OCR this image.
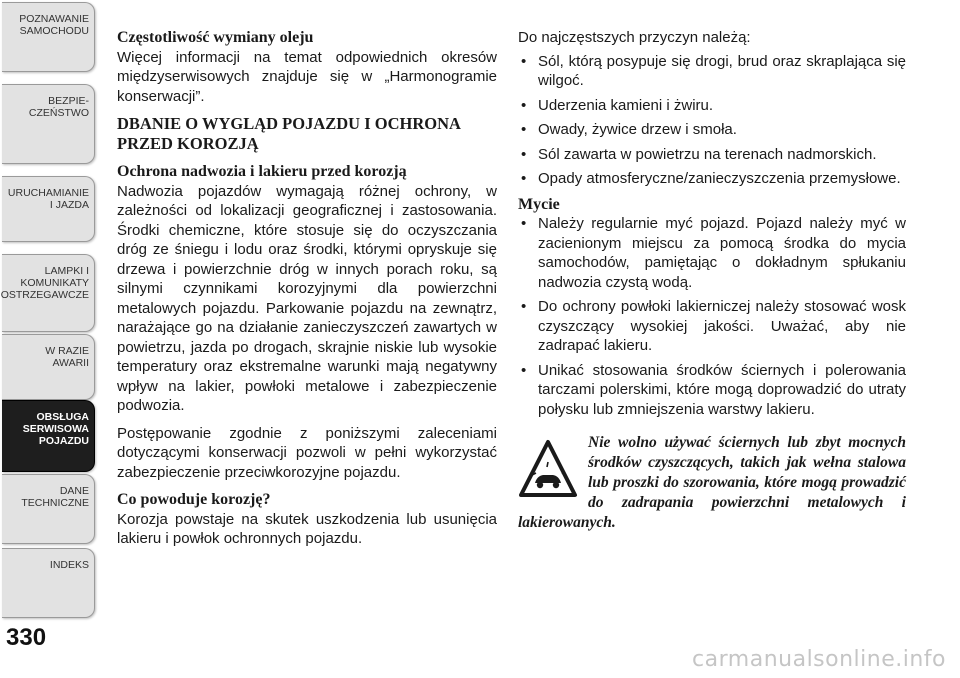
POZNAWANIE
SAMOCHODU
BEZPIE-
CZEŃSTWO
URUCHAMIANIE
I JAZDA
LAMPKI I
KOMUNIKATY
OSTRZEGAWCZE
W RAZIE
AWARII
OBSŁUGA
SERWISOWA
POJAZDU
DANE
TECHNICZNE
INDEKS
330
Częstotliwość wymiany oleju

Więcej informacji na temat odpowiednich okresów międzyserwisowych znajduje się w „Harmonogramie konserwacji”.

DBANIE O WYGLĄD POJAZDU I OCHRONA PRZED KOROZJĄ
Ochrona nadwozia i lakieru przed korozją

Nadwozia pojazdów wymagają różnej ochrony, w zależności od lokalizacji geograficznej i zastosowania. Środki chemiczne, które stosuje się do oczyszczania dróg ze śniegu i lodu oraz środki, którymi opryskuje się drzewa i powierzchnie dróg w innych porach roku, są silnymi czynnikami korozyjnymi dla powierzchni metalowych pojazdu. Parkowanie pojazdu na zewnątrz, narażające go na działanie zanieczyszczeń zawartych w powietrzu, jazda po drogach, skrajnie niskie lub wysokie temperatury oraz ekstremalne warunki mają negatywny wpływ na lakier, powłoki metalowe i zabezpieczenie podwozia.

Postępowanie zgodnie z poniższymi zaleceniami dotyczącymi konserwacji pozwoli w pełni wykorzystać zabezpieczenie przeciwkorozyjne pojazdu.

Co powoduje korozję?

Korozja powstaje na skutek uszkodzenia lub usunięcia lakieru i powłok ochronnych pojazdu.

Do najczęstszych przyczyn należą:

• Sól, którą posypuje się drogi, brud oraz skraplająca się wilgoć.
• Uderzenia kamieni i żwiru.
• Owady, żywice drzew i smoła.
• Sól zawarta w powietrzu na terenach nadmorskich.
• Opady atmosferyczne/zanieczyszczenia przemysłowe.
Mycie
• Należy regularnie myć pojazd. Pojazd należy myć w zacienionym miejscu za pomocą środka do mycia samochodów, pamiętając o dokładnym spłukaniu nadwozia czystą wodą.
• Do ochrony powłoki lakierniczej należy stosować wosk czyszczący wysokiej jakości. Uważać, aby nie zadrapać lakieru.
• Unikać stosowania środków ściernych i polerowania tarczami polerskimi, które mogą doprowadzić do utraty połysku lub zmniejszenia warstwy lakieru.
Nie wolno używać ściernych lub zbyt mocnych środków czyszczących, takich jak wełna stalowa lub proszki do szorowania, które mogą prowadzić do zadrapania powierzchni metalowych i lakierowanych.
carmanualsonline.info
